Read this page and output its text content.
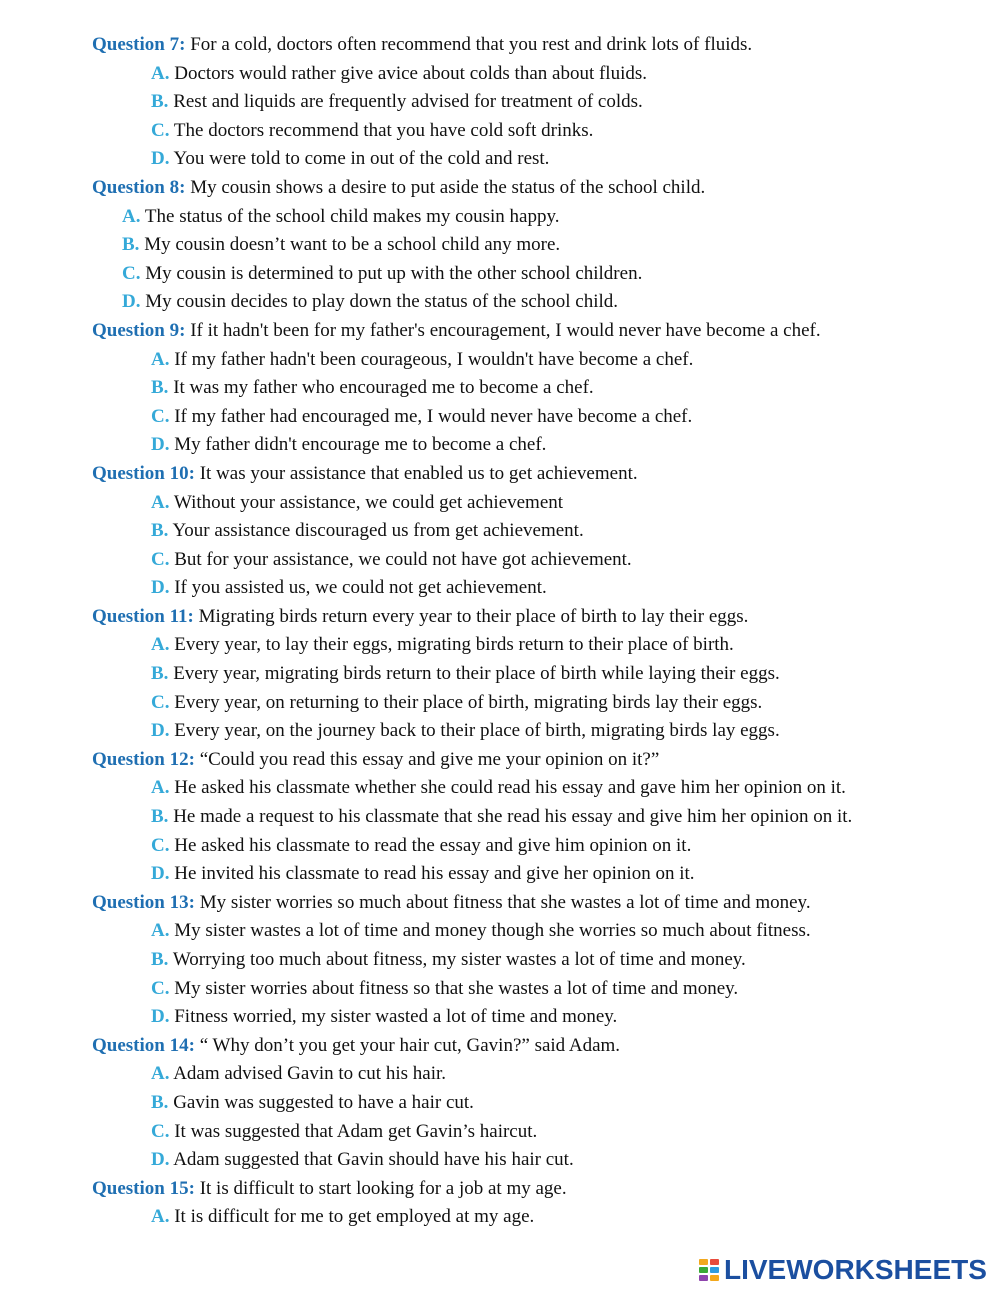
Question 7: For a cold, doctors often recommend that you rest and drink lots of fluids.
A. Doctors would rather give avice about colds than about fluids.
B. Rest and liquids are frequently advised for treatment of colds.
C. The doctors recommend that you have cold soft drinks.
D. You were told to come in out of the cold and rest.
Question 8: My cousin shows a desire to put aside the status of the school child.
A. The status of the school child makes my cousin happy.
B. My cousin doesn’t want to be a school child any more.
C. My cousin is determined to put up with the other school children.
D. My cousin decides to play down the status of the school child.
Question 9: If it hadn't been for my father's encouragement, I would never have become a chef.
A. If my father hadn't been courageous, I wouldn't have become a chef.
B. It was my father who encouraged me to become a chef.
C. If my father had encouraged me, I would never have become a chef.
D. My father didn't encourage me to become a chef.
Question 10: It was your assistance that enabled us to get achievement.
A. Without your assistance, we could get achievement
B. Your assistance discouraged us from get achievement.
C. But for your assistance, we could not have got achievement.
D. If you assisted us, we could not get achievement.
Question 11: Migrating birds return every year to their place of birth to lay their eggs.
A. Every year, to lay their eggs, migrating birds return to their place of birth.
B. Every year, migrating birds return to their place of birth while laying their eggs.
C. Every year, on returning to their place of birth, migrating birds lay their eggs.
D. Every year, on the journey back to their place of birth, migrating birds lay eggs.
Question 12: “Could you read this essay and give me your opinion on it?”
A. He asked his classmate whether she could read his essay and gave him her opinion on it.
B. He made a request to his classmate that she read his essay and give him her opinion on it.
C. He asked his classmate to read the essay and give him opinion on it.
D. He invited his classmate to read his essay and give her opinion on it.
Question 13: My sister worries so much about fitness that she wastes a lot of time and money.
A. My sister wastes a lot of time and money though she worries so much about fitness.
B. Worrying too much about fitness, my sister wastes a lot of time and money.
C. My sister worries about fitness so that she wastes a lot of time and money.
D. Fitness worried, my sister wasted a lot of time and money.
Question 14: “ Why don’t you get your hair cut, Gavin?” said Adam.
A. Adam advised Gavin to cut his hair.
B. Gavin was suggested to have a hair cut.
C. It was suggested that Adam get Gavin’s haircut.
D. Adam suggested that Gavin should have his hair cut.
Question 15: It is difficult to start looking for a job at my age.
A. It is difficult for me to get employed at my age.
LIVEWORKSHEETS
